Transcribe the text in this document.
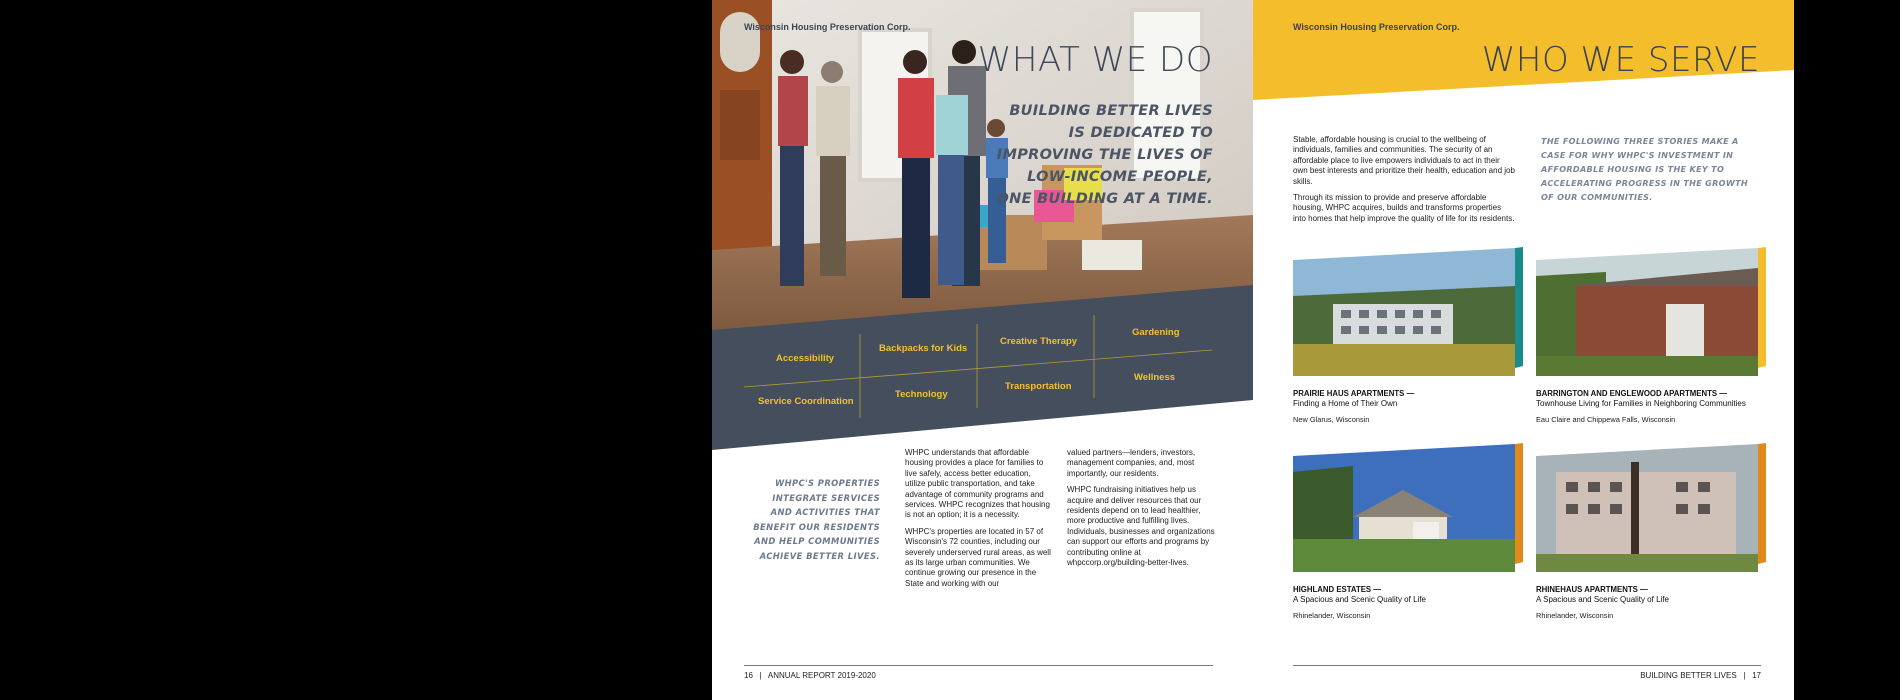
Wisconsin Housing Preservation Corp.
WHAT WE DO
BUILDING BETTER LIVES
IS DEDICATED TO
IMPROVING THE LIVES OF
LOW-INCOME PEOPLE,
ONE BUILDING AT A TIME.
Accessibility
Backpacks for Kids
Creative Therapy
Gardening
Service Coordination
Technology
Transportation
Wellness
WHPC'S PROPERTIES INTEGRATE SERVICES AND ACTIVITIES THAT BENEFIT OUR RESIDENTS AND HELP COMMUNITIES ACHIEVE BETTER LIVES.

WHPC understands that affordable housing provides a place for families to live safely, access better education, utilize public transportation, and take advantage of community programs and services. WHPC recognizes that housing is not an option; it is a necessity.

WHPC's properties are located in 57 of Wisconsin's 72 counties, including our severely underserved rural areas, as well as its large urban communities. We continue growing our presence in the State and working with our

valued partners—lenders, investors, management companies, and, most importantly, our residents.

WHPC fundraising initiatives help us acquire and deliver resources that our residents depend on to lead healthier, more productive and fulfilling lives. Individuals, businesses and organizations can support our efforts and programs by contributing online at whpccorp.org/building-better-lives.

16   |   ANNUAL REPORT 2019-2020
Wisconsin Housing Preservation Corp.
WHO WE SERVE

Stable, affordable housing is crucial to the wellbeing of individuals, families and communities. The security of an affordable place to live empowers individuals to act in their own best interests and prioritize their health, education and job skills.

Through its mission to provide and preserve affordable housing, WHPC acquires, builds and transforms properties into homes that help improve the quality of life for its residents.

THE FOLLOWING THREE STORIES MAKE A CASE FOR WHY WHPC'S INVESTMENT IN AFFORDABLE HOUSING IS THE KEY TO ACCELERATING PROGRESS IN THE GROWTH OF OUR COMMUNITIES.
PRAIRIE HAUS APARTMENTS —
Finding a Home of Their Own
New Glarus, Wisconsin
BARRINGTON AND ENGLEWOOD APARTMENTS —
Townhouse Living for Families in Neighboring Communities
Eau Claire and Chippewa Falls, Wisconsin
HIGHLAND ESTATES —
A Spacious and Scenic Quality of Life
Rhinelander, Wisconsin
RHINEHAUS APARTMENTS —
A Spacious and Scenic Quality of Life
Rhinelander, Wisconsin
BUILDING BETTER LIVES   |   17
